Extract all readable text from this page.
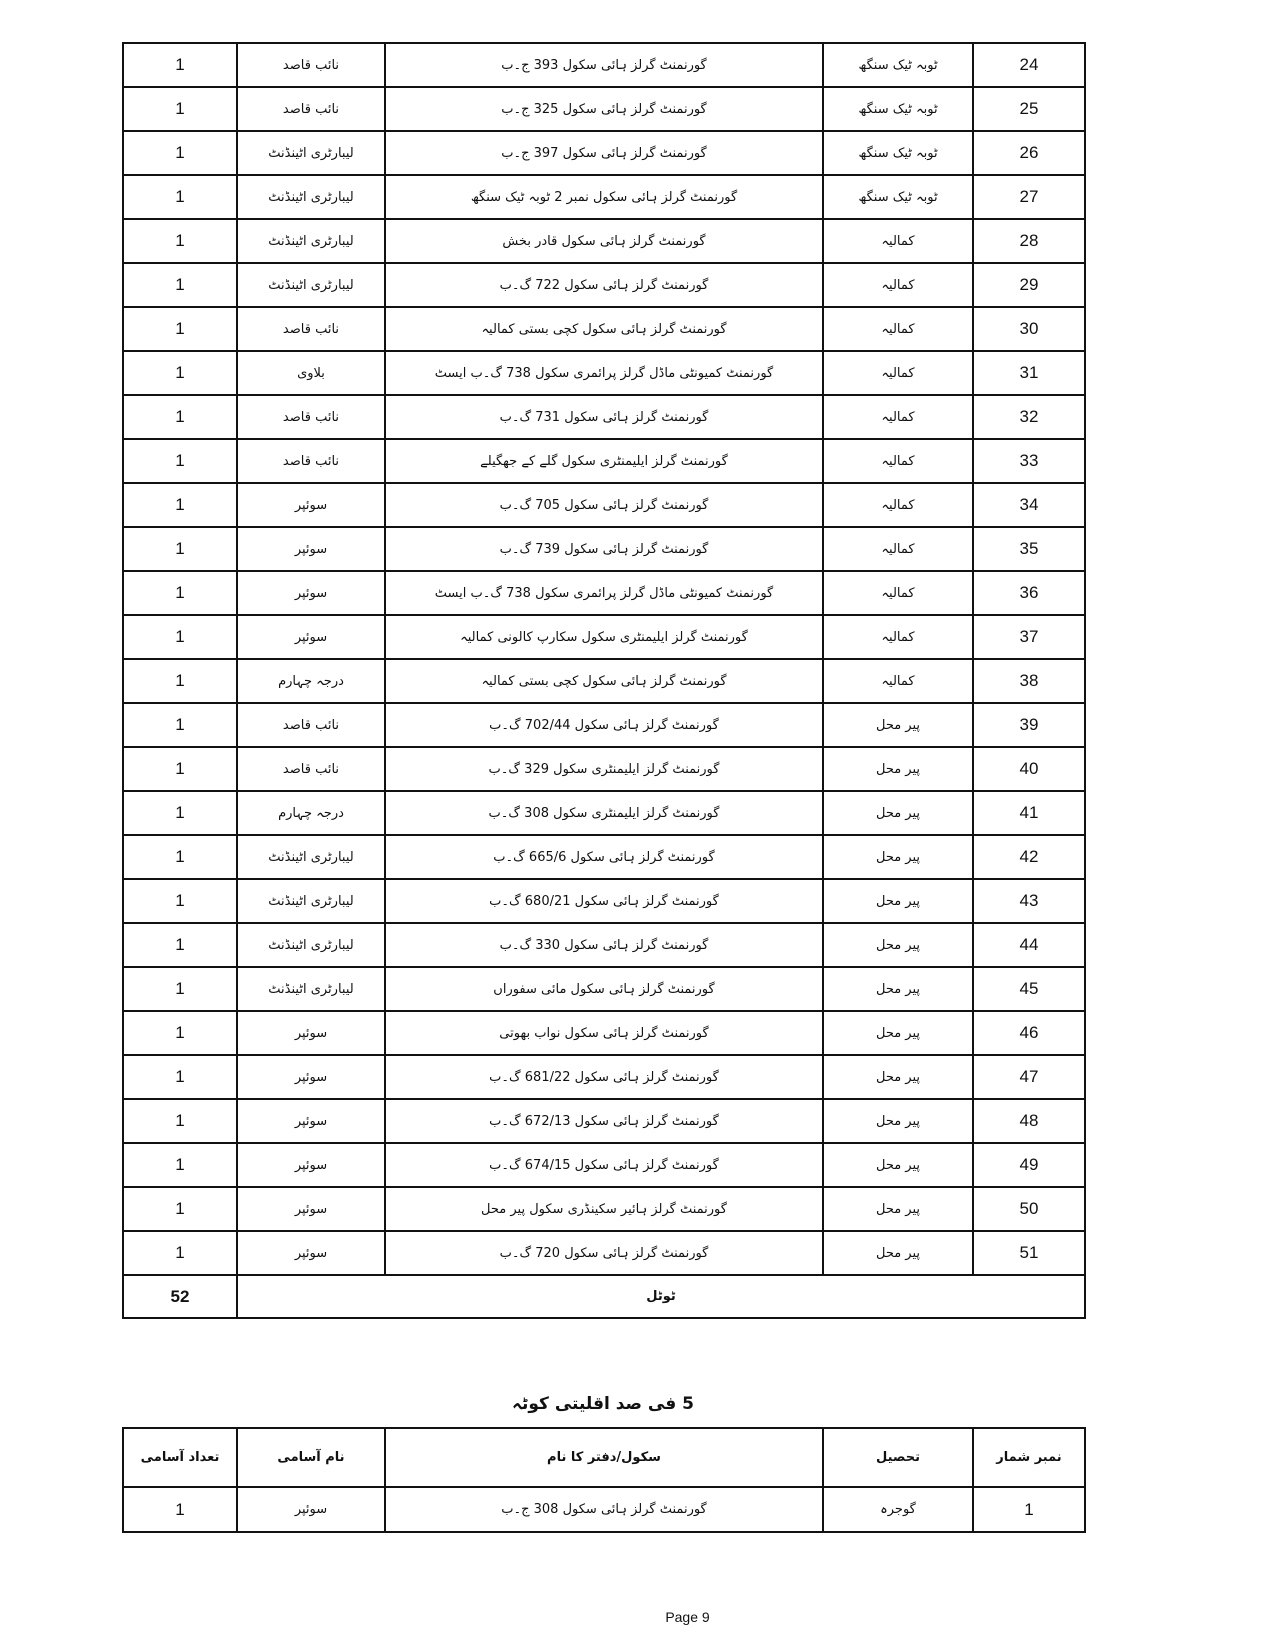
1	نائب قاصد	گورنمنٹ گرلز ہائی سکول 393 ج۔ب	ٹوبہ ٹیک سنگھ	24
1	نائب قاصد	گورنمنٹ گرلز ہائی سکول 325 ج۔ب	ٹوبہ ٹیک سنگھ	25
1	لیبارٹری اٹینڈنٹ	گورنمنٹ گرلز ہائی سکول 397 ج۔ب	ٹوبہ ٹیک سنگھ	26
1	لیبارٹری اٹینڈنٹ	گورنمنٹ گرلز ہائی سکول نمبر 2 ٹوبہ ٹیک سنگھ	ٹوبہ ٹیک سنگھ	27
1	لیبارٹری اٹینڈنٹ	گورنمنٹ گرلز ہائی سکول قادر بخش	کمالیہ	28
1	لیبارٹری اٹینڈنٹ	گورنمنٹ گرلز ہائی سکول 722 گ۔ب	کمالیہ	29
1	نائب قاصد	گورنمنٹ گرلز ہائی سکول کچی بستی کمالیہ	کمالیہ	30
1	بلاوی	گورنمنٹ کمیونٹی ماڈل گرلز پرائمری سکول 738 گ۔ب ایسٹ	کمالیہ	31
1	نائب قاصد	گورنمنٹ گرلز ہائی سکول 731 گ۔ب	کمالیہ	32
1	نائب قاصد	گورنمنٹ گرلز ایلیمنٹری سکول گلے کے جھگیلے	کمالیہ	33
1	سوئپر	گورنمنٹ گرلز ہائی سکول 705 گ۔ب	کمالیہ	34
1	سوئپر	گورنمنٹ گرلز ہائی سکول 739 گ۔ب	کمالیہ	35
1	سوئپر	گورنمنٹ کمیونٹی ماڈل گرلز پرائمری سکول 738 گ۔ب ایسٹ	کمالیہ	36
1	سوئپر	گورنمنٹ گرلز ایلیمنٹری سکول سکارپ کالونی کمالیہ	کمالیہ	37
1	درجہ چہارم	گورنمنٹ گرلز ہائی سکول کچی بستی کمالیہ	کمالیہ	38
1	نائب قاصد	گورنمنٹ گرلز ہائی سکول 702/44 گ۔ب	پیر محل	39
1	نائب قاصد	گورنمنٹ گرلز ایلیمنٹری سکول 329 گ۔ب	پیر محل	40
1	درجہ چہارم	گورنمنٹ گرلز ایلیمنٹری سکول 308 گ۔ب	پیر محل	41
1	لیبارٹری اٹینڈنٹ	گورنمنٹ گرلز ہائی سکول 665/6 گ۔ب	پیر محل	42
1	لیبارٹری اٹینڈنٹ	گورنمنٹ گرلز ہائی سکول 680/21 گ۔ب	پیر محل	43
1	لیبارٹری اٹینڈنٹ	گورنمنٹ گرلز ہائی سکول 330 گ۔ب	پیر محل	44
1	لیبارٹری اٹینڈنٹ	گورنمنٹ گرلز ہائی سکول مائی سفوراں	پیر محل	45
1	سوئپر	گورنمنٹ گرلز ہائی سکول نواب بھوتی	پیر محل	46
1	سوئپر	گورنمنٹ گرلز ہائی سکول 681/22 گ۔ب	پیر محل	47
1	سوئپر	گورنمنٹ گرلز ہائی سکول 672/13 گ۔ب	پیر محل	48
1	سوئپر	گورنمنٹ گرلز ہائی سکول 674/15 گ۔ب	پیر محل	49
1	سوئپر	گورنمنٹ گرلز ہائیر سکینڈری سکول پیر محل	پیر محل	50
1	سوئپر	گورنمنٹ گرلز ہائی سکول 720 گ۔ب	پیر محل	51
52	ٹوٹل			
5 فی صد اقلیتی کوٹہ
تعداد آسامی	نام آسامی	سکول/دفتر کا نام	تحصیل	نمبر شمار
1	سوئپر	گورنمنٹ گرلز ہائی سکول 308 ج۔ب	گوجرہ	1
Page 9
